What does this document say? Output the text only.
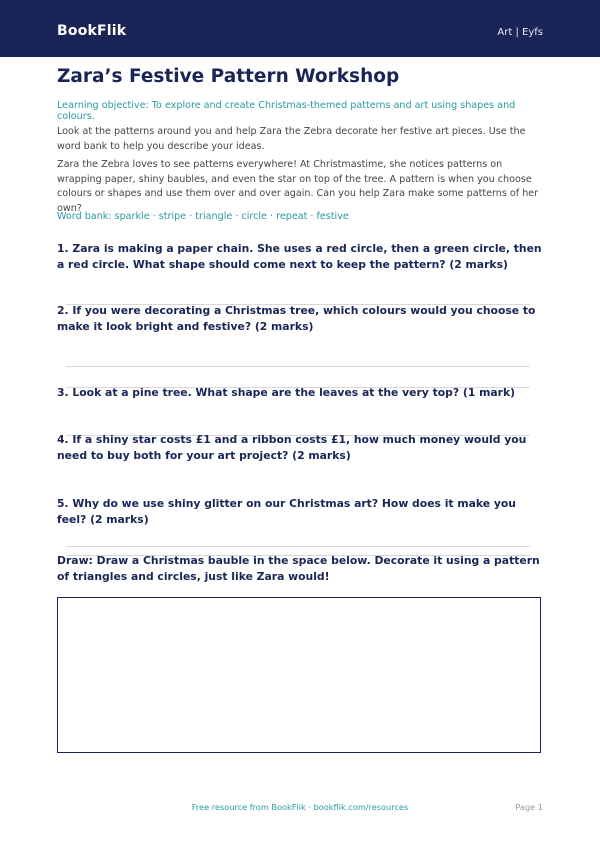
BookFlik	Art | Eyfs
Zara’s Festive Pattern Workshop

Learning objective: To explore and create Christmas-themed patterns and art using shapes and colours.

Look at the patterns around you and help Zara the Zebra decorate her festive art pieces. Use the word bank to help you describe your ideas.

Zara the Zebra loves to see patterns everywhere! At Christmastime, she notices patterns on wrapping paper, shiny baubles, and even the star on top of the tree. A pattern is when you choose colours or shapes and use them over and over again. Can you help Zara make some patterns of her own?

Word bank: sparkle · stripe · triangle · circle · repeat · festive

1. Zara is making a paper chain. She uses a red circle, then a green circle, then a red circle. What shape should come next to keep the pattern? (2 marks)

2. If you were decorating a Christmas tree, which colours would you choose to make it look bright and festive? (2 marks)

3. Look at a pine tree. What shape are the leaves at the very top? (1 mark)

4. If a shiny star costs £1 and a ribbon costs £1, how much money would you need to buy both for your art project? (2 marks)

5. Why do we use shiny glitter on our Christmas art? How does it make you feel? (2 marks)

Draw: Draw a Christmas bauble in the space below. Decorate it using a pattern of triangles and circles, just like Zara would!

Free resource from BookFlik · bookflik.com/resources	Page 1
